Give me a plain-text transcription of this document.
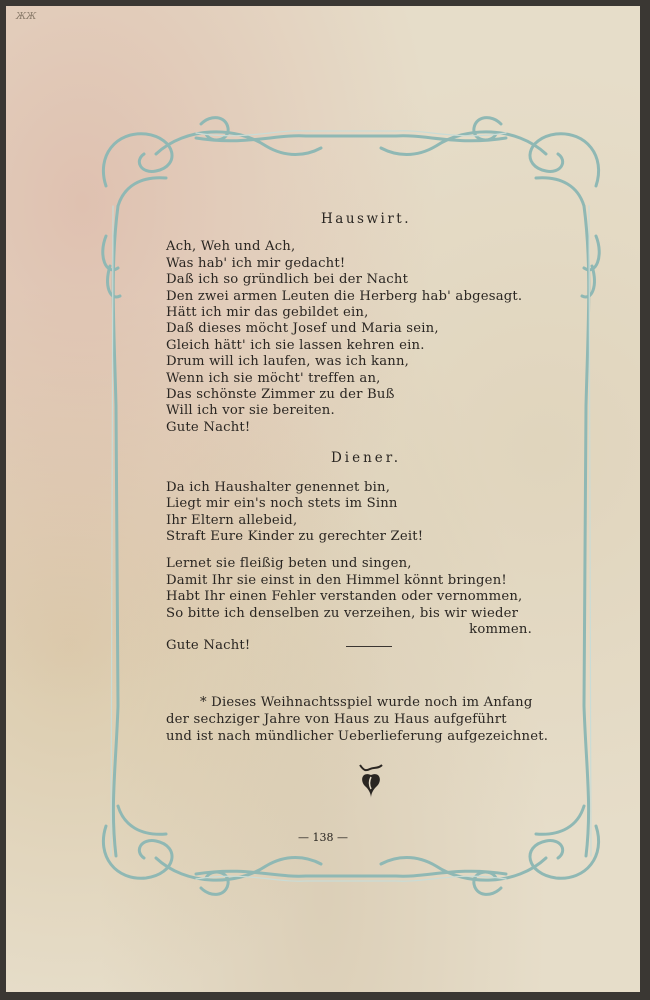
ЖЖ
Hauswirt.
Ach, Weh und Ach,
Was hab' ich mir gedacht!
Daß ich so gründlich bei der Nacht
Den zwei armen Leuten die Herberg hab' abgesagt.
Hätt ich mir das gebildet ein,
Daß dieses möcht Josef und Maria sein,
Gleich hätt' ich sie lassen kehren ein.
Drum will ich laufen, was ich kann,
Wenn ich sie möcht' treffen an,
Das schönste Zimmer zu der Buß
Will ich vor sie bereiten.
Gute Nacht!
Diener.
Da ich Haushalter genennet bin,
Liegt mir ein's noch stets im Sinn
Ihr Eltern allebeid,
Straft Eure Kinder zu gerechter Zeit!
Lernet sie fleißig beten und singen,
Damit Ihr sie einst in den Himmel könnt bringen!
Habt Ihr einen Fehler verstanden oder vernommen,
So bitte ich denselben zu verzeihen, bis wir wieder
kommen.
Gute Nacht!
* Dieses Weihnachtsspiel wurde noch im Anfang
der sechziger Jahre von Haus zu Haus aufgeführt
und ist nach mündlicher Ueberlieferung aufgezeichnet.
— 138 —
